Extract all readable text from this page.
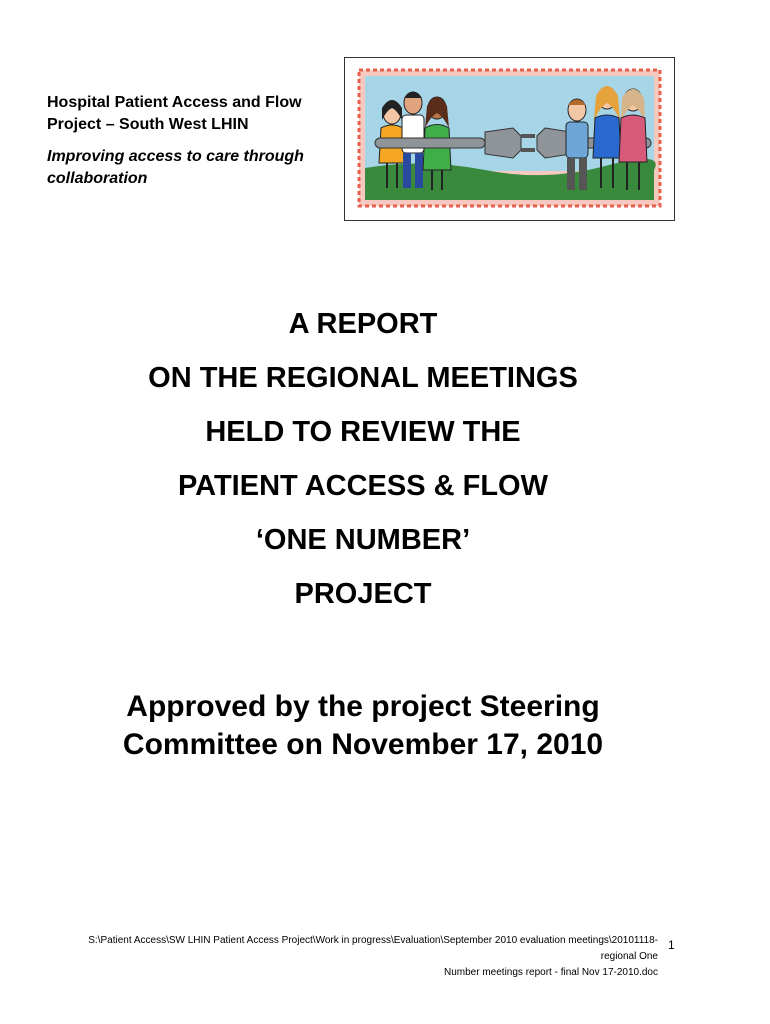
Hospital Patient Access and Flow

Project – South West LHIN

Improving access to care through
collaboration

A REPORT

ON THE REGIONAL MEETINGS

HELD TO REVIEW THE

PATIENT ACCESS & FLOW

‘ONE NUMBER’

PROJECT

Approved by the project Steering

Committee on November 17, 2010

S:\Patient Access\SW LHIN Patient Access Project\Work in progress\Evaluation\September 2010 evaluation meetings\20101118-regional One

Number meetings report - final Nov 17-2010.doc

1
